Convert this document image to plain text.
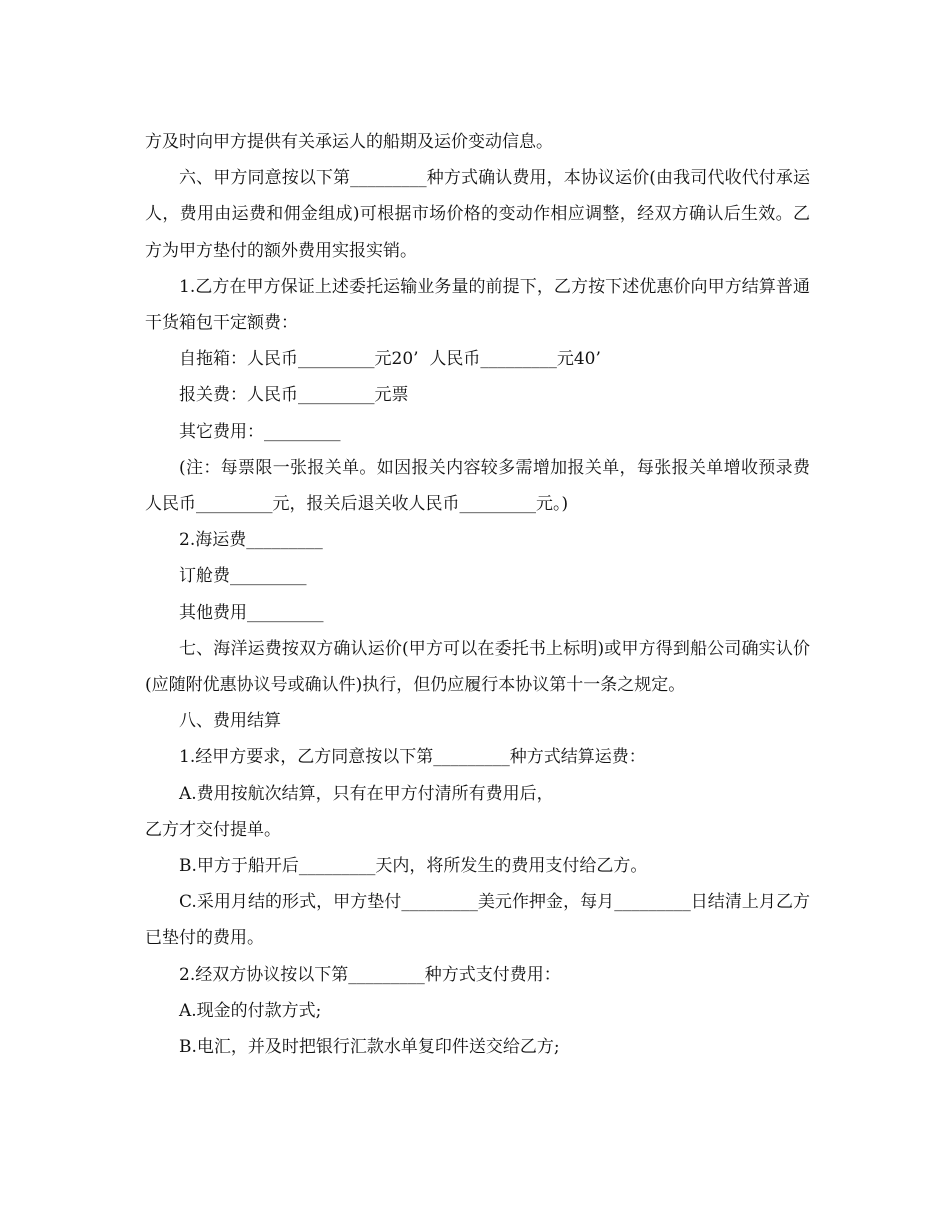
方及时向甲方提供有关承运人的船期及运价变动信息。

六、甲方同意按以下第_________种方式确认费用，本协议运价(由我司代收代付承运人，费用由运费和佣金组成)可根据市场价格的变动作相应调整，经双方确认后生效。乙方为甲方垫付的额外费用实报实销。

1.乙方在甲方保证上述委托运输业务量的前提下，乙方按下述优惠价向甲方结算普通干货箱包干定额费：

自拖箱：人民币_________元20’  人民币_________元40’

报关费：人民币_________元票

其它费用：_________

(注：每票限一张报关单。如因报关内容较多需增加报关单，每张报关单增收预录费人民币_________元，报关后退关收人民币_________元。)

2.海运费_________

订舱费_________

其他费用_________

七、海洋运费按双方确认运价(甲方可以在委托书上标明)或甲方得到船公司确实认价(应随附优惠协议号或确认件)执行，但仍应履行本协议第十一条之规定。

八、费用结算

1.经甲方要求，乙方同意按以下第_________种方式结算运费：

A.费用按航次结算，只有在甲方付清所有费用后，

乙方才交付提单。

B.甲方于船开后_________天内，将所发生的费用支付给乙方。

C.采用月结的形式，甲方垫付_________美元作押金，每月_________日结清上月乙方已垫付的费用。

2.经双方协议按以下第_________种方式支付费用：

A.现金的付款方式;

B.电汇，并及时把银行汇款水单复印件送交给乙方;
